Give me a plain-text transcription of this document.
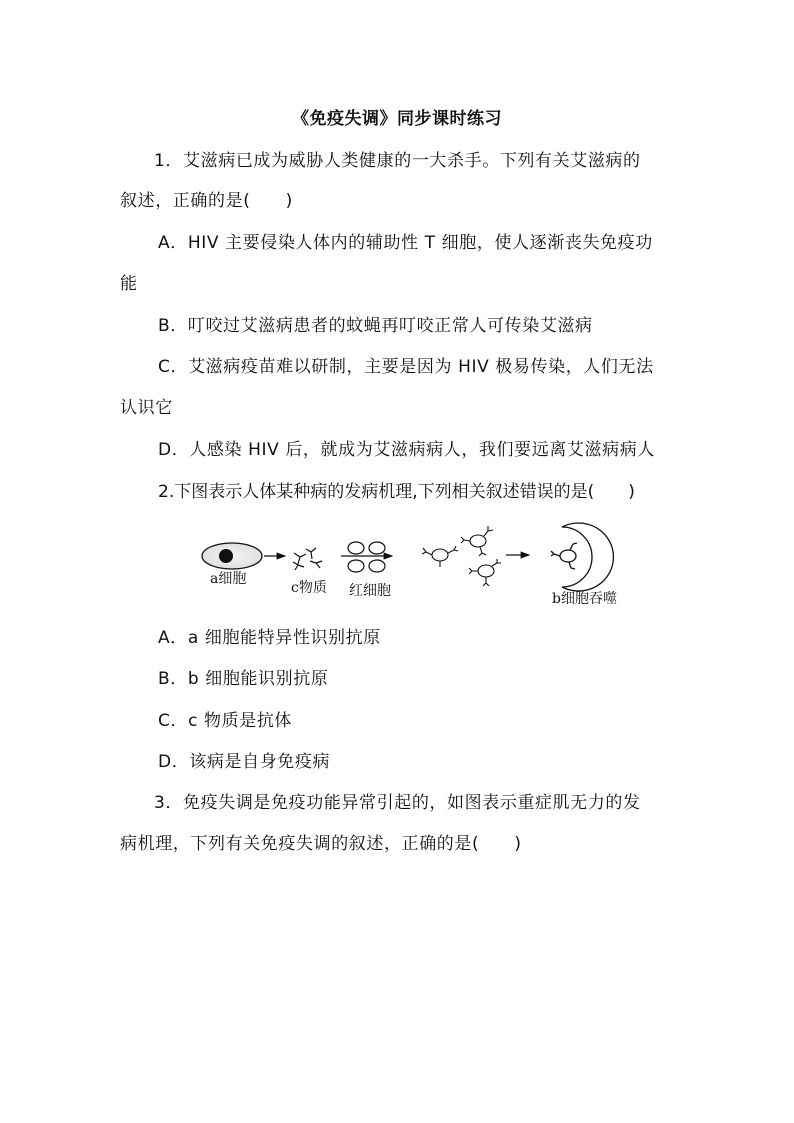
《免疫失调》同步课时练习
1．艾滋病已成为威胁人类健康的一大杀手。下列有关艾滋病的
叙述，正确的是(　　)
A．HIV 主要侵染人体内的辅助性 T 细胞，使人逐渐丧失免疫功
能
B．叮咬过艾滋病患者的蚊蝇再叮咬正常人可传染艾滋病
C．艾滋病疫苗难以研制，主要是因为 HIV 极易传染，人们无法
认识它
D．人感染 HIV 后，就成为艾滋病病人，我们要远离艾滋病病人
2.下图表示人体某种病的发病机理,下列相关叙述错误的是(　　)
a细胞
c物质 红细胞	b细胞吞噬
A．a 细胞能特异性识别抗原
B．b 细胞能识别抗原
C．c 物质是抗体
D．该病是自身免疫病
3．免疫失调是免疫功能异常引起的，如图表示重症肌无力的发
病机理，下列有关免疫失调的叙述，正确的是(　　)
